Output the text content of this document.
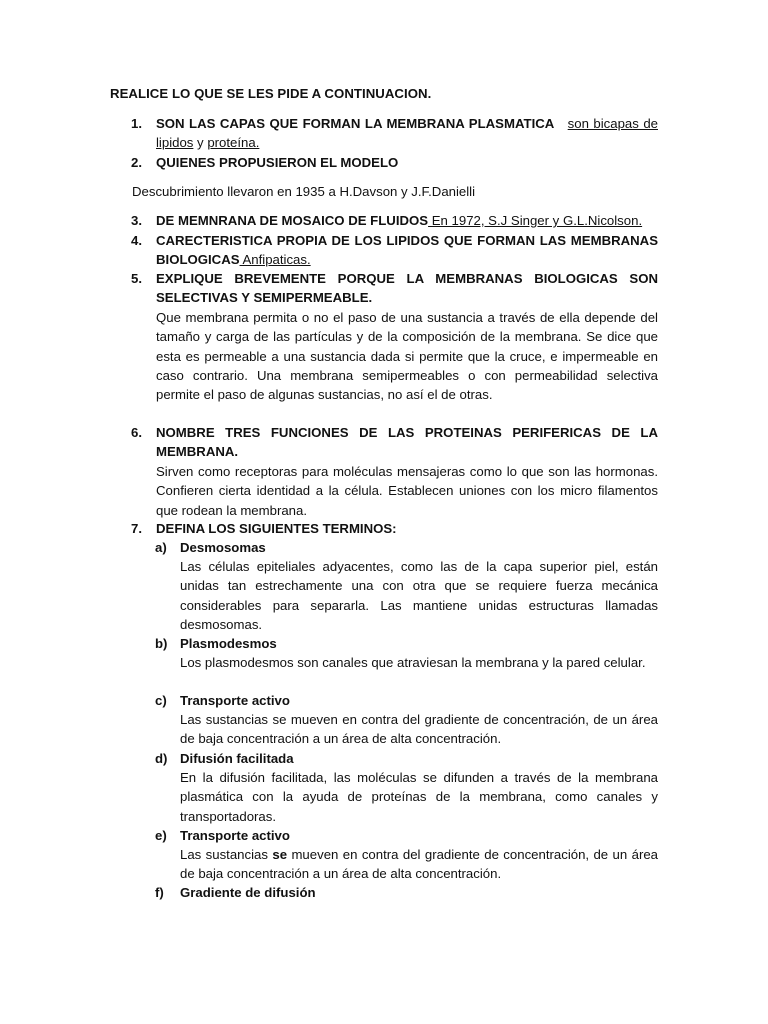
REALICE LO QUE SE LES PIDE A CONTINUACION.
1. SON LAS CAPAS QUE FORMAN LA MEMBRANA PLASMATICA son bicapas de lipidos y proteína.
2. QUIENES PROPUSIERON EL MODELO
Descubrimiento llevaron en 1935 a H.Davson y J.F.Danielli
3. DE MEMNRANA DE MOSAICO DE FLUIDOS En 1972, S.J Singer y G.L.Nicolson.
4. CARECTERISTICA PROPIA DE LOS LIPIDOS QUE FORMAN LAS MEMBRANAS BIOLOGICAS Anfipaticas.
5. EXPLIQUE BREVEMENTE PORQUE LA MEMBRANAS BIOLOGICAS SON SELECTIVAS Y SEMIPERMEABLE.
Que membrana permita o no el paso de una sustancia a través de ella depende del tamaño y carga de las partículas y de la composición de la membrana. Se dice que esta es permeable a una sustancia dada si permite que la cruce, e impermeable en caso contrario. Una membrana semipermeables o con permeabilidad selectiva permite el paso de algunas sustancias, no así el de otras.
6. NOMBRE TRES FUNCIONES DE LAS PROTEINAS PERIFERICAS DE LA MEMBRANA.
Sirven como receptoras para moléculas mensajeras como lo que son las hormonas. Confieren cierta identidad a la célula. Establecen uniones con los micro filamentos que rodean la membrana.
7. DEFINA LOS SIGUIENTES TERMINOS:
a) Desmosomas
Las células epiteliales adyacentes, como las de la capa superior piel, están unidas tan estrechamente una con otra que se requiere fuerza mecánica considerables para separarla. Las mantiene unidas estructuras llamadas desmosomas.
b) Plasmodesmos
Los plasmodesmos son canales que atraviesan la membrana y la pared celular.
c) Transporte activo
Las sustancias se mueven en contra del gradiente de concentración, de un área de baja concentración a un área de alta concentración.
d) Difusión facilitada
En la difusión facilitada, las moléculas se difunden a través de la membrana plasmática con la ayuda de proteínas de la membrana, como canales y transportadoras.
e) Transporte activo
Las sustancias se mueven en contra del gradiente de concentración, de un área de baja concentración a un área de alta concentración.
f) Gradiente de difusión
